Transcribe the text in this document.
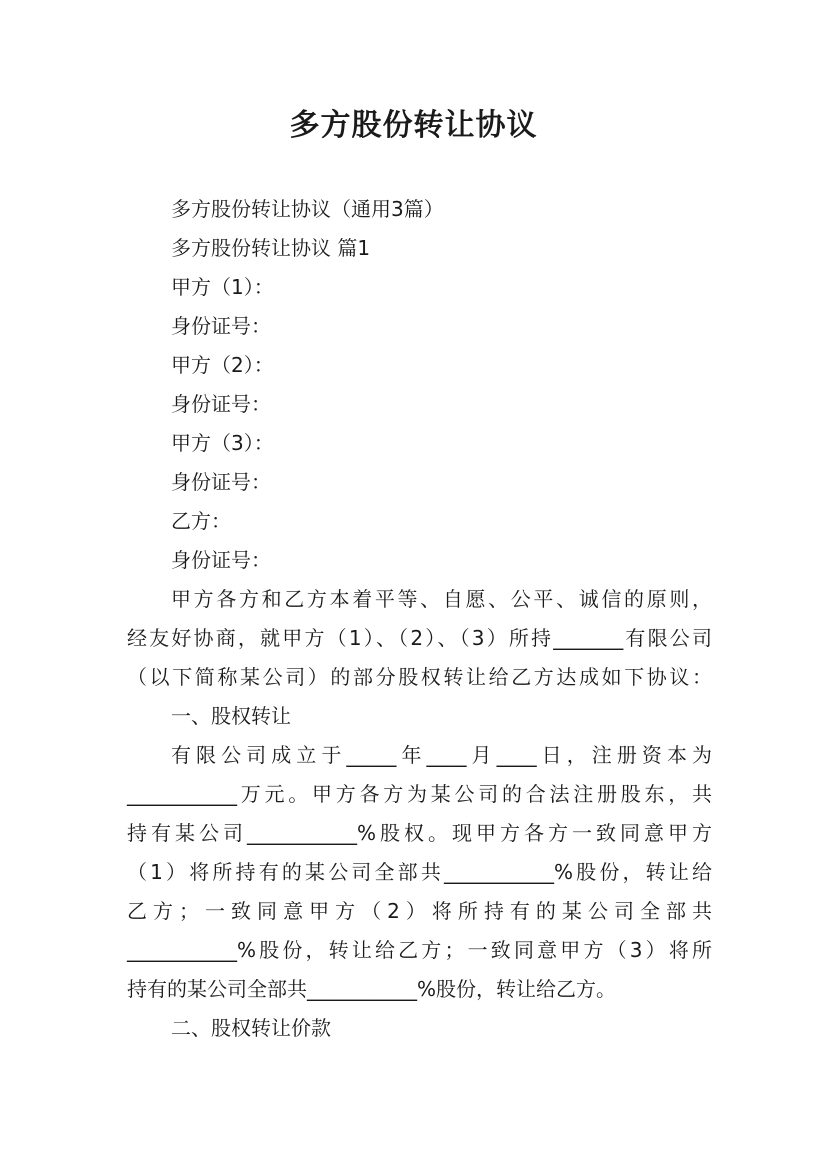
多方股份转让协议
多方股份转让协议（通用3篇）
多方股份转让协议 篇1
甲方（1）：
身份证号：
甲方（2）：
身份证号：
甲方（3）：
身份证号：
乙方：
身份证号：
甲方各方和乙方本着平等、自愿、公平、诚信的原则，
经友好协商，就甲方（1）、（2）、（3）所持_______有限公司
（以下简称某公司）的部分股权转让给乙方达成如下协议：
一、股权转让
有限公司成立于_____年____月____日，注册资本为
___________万元。甲方各方为某公司的合法注册股东，共
持有某公司___________%股权。现甲方各方一致同意甲方
（1）将所持有的某公司全部共___________%股份，转让给
乙方；一致同意甲方（2）将所持有的某公司全部共
___________%股份，转让给乙方；一致同意甲方（3）将所
持有的某公司全部共___________%股份，转让给乙方。
二、股权转让价款
